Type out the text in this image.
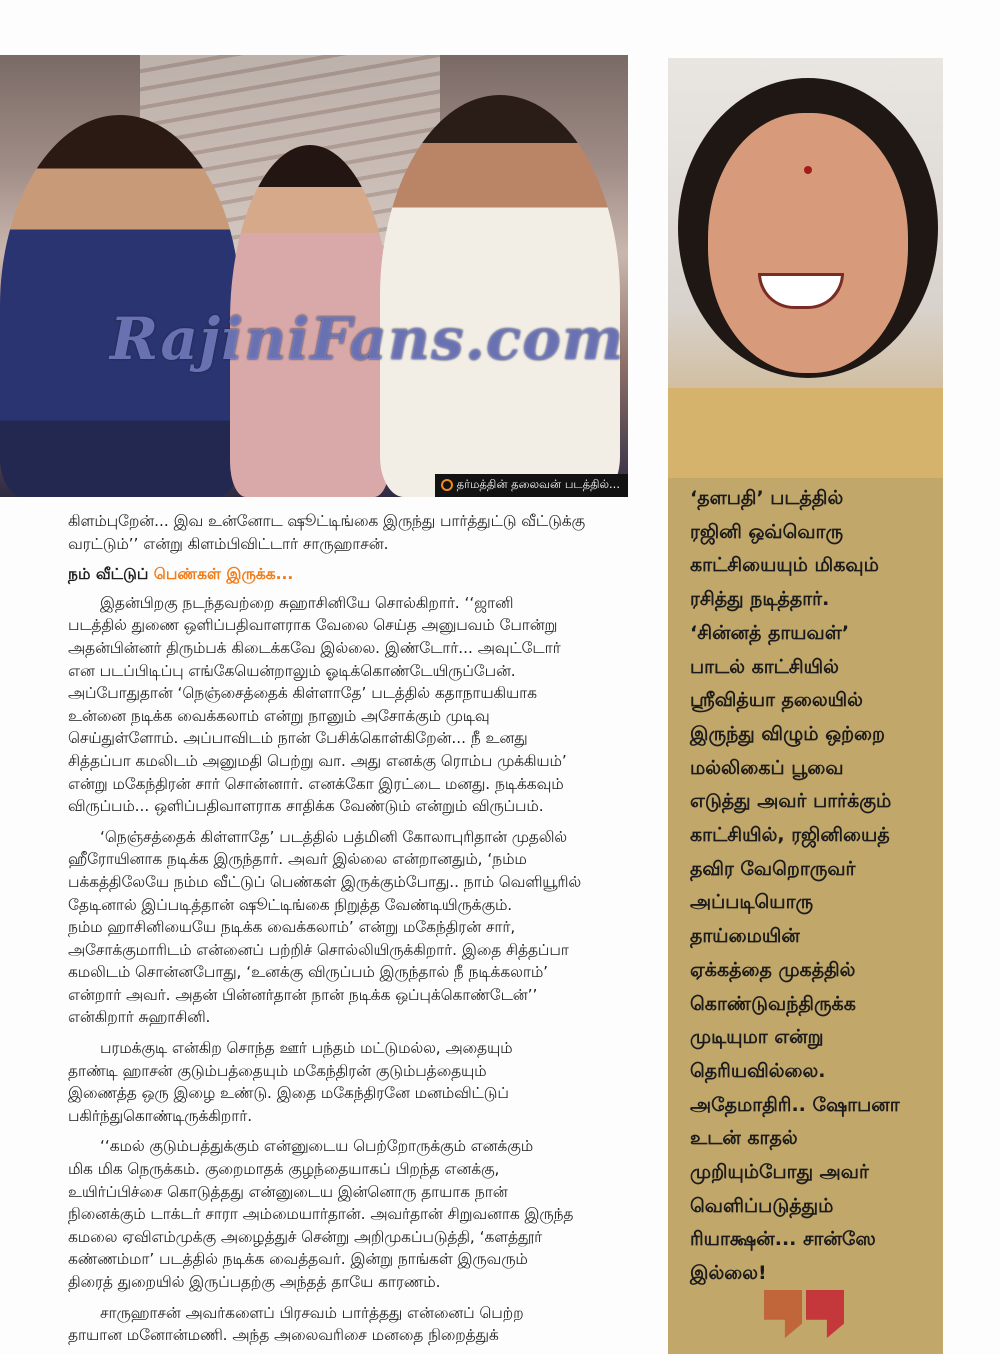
RajiniFans.com
தர்மத்தின் தலைவன் படத்தில்...

கிளம்புறேன்... இவ உன்னோட ஷூட்டிங்கை இருந்து பார்த்துட்டு வீட்டுக்கு
வரட்டும்’’ என்று கிளம்பிவிட்டார் சாருஹாசன்.

நம் வீட்டுப் பெண்கள் இருக்க...

இதன்பிறகு நடந்தவற்றை சுஹாசினியே சொல்கிறார். ‘‘ஜானி
படத்தில் துணை ஒளிப்பதிவாளராக வேலை செய்த அனுபவம் போன்று
அதன்பின்னர் திரும்பக் கிடைக்கவே இல்லை. இண்டோர்... அவுட்டோர்
என படப்பிடிப்பு எங்கேயென்றாலும் ஓடிக்கொண்டேயிருப்பேன்.
அப்போதுதான் ‘நெஞ்சைத்தைக் கிள்ளாதே’ படத்தில் கதாநாயகியாக
உன்னை நடிக்க வைக்கலாம் என்று நானும் அசோக்கும் முடிவு
செய்துள்ளோம். அப்பாவிடம் நான் பேசிக்கொள்கிறேன்... நீ உனது
சித்தப்பா கமலிடம் அனுமதி பெற்று வா. அது எனக்கு ரொம்ப முக்கியம்’
என்று மகேந்திரன் சார் சொன்னார். எனக்கோ இரட்டை மனது. நடிக்கவும்
விருப்பம்... ஒளிப்பதிவாளராக சாதிக்க வேண்டும் என்றும் விருப்பம்.

‘நெஞ்சத்தைக் கிள்ளாதே’ படத்தில் பத்மினி கோலாபுரிதான் முதலில்
ஹீரோயினாக நடிக்க இருந்தார். அவர் இல்லை என்றானதும், ‘நம்ம
பக்கத்திலேயே நம்ம வீட்டுப் பெண்கள் இருக்கும்போது.. நாம் வெளியூரில்
தேடினால் இப்படித்தான் ஷூட்டிங்கை நிறுத்த வேண்டியிருக்கும்.
நம்ம ஹாசினியையே நடிக்க வைக்கலாம்’ என்று மகேந்திரன் சார்,
அசோக்குமாரிடம் என்னைப் பற்றிச் சொல்லியிருக்கிறார். இதை சித்தப்பா
கமலிடம் சொன்னபோது, ‘உனக்கு விருப்பம் இருந்தால் நீ நடிக்கலாம்’
என்றார் அவர். அதன் பின்னர்தான் நான் நடிக்க ஒப்புக்கொண்டேன்’’
என்கிறார் சுஹாசினி.

பரமக்குடி என்கிற சொந்த ஊர் பந்தம் மட்டுமல்ல, அதையும்
தாண்டி ஹாசன் குடும்பத்தையும் மகேந்திரன் குடும்பத்தையும்
இணைத்த ஒரு இழை உண்டு. இதை மகேந்திரனே மனம்விட்டுப்
பகிர்ந்துகொண்டிருக்கிறார்.

‘‘கமல் குடும்பத்துக்கும் என்னுடைய பெற்றோருக்கும் எனக்கும்
மிக மிக நெருக்கம். குறைமாதக் குழந்தையாகப் பிறந்த எனக்கு,
உயிர்ப்பிச்சை கொடுத்தது என்னுடைய இன்னொரு தாயாக நான்
நினைக்கும் டாக்டர் சாரா அம்மையார்தான். அவர்தான் சிறுவனாக இருந்த
கமலை ஏவிஎம்முக்கு அழைத்துச் சென்று அறிமுகப்படுத்தி, ‘களத்தூர்
கண்ணம்மா’ படத்தில் நடிக்க வைத்தவர். இன்று நாங்கள் இருவரும்
திரைத் துறையில் இருப்பதற்கு அந்தத் தாயே காரணம்.

சாருஹாசன் அவர்களைப் பிரசவம் பார்த்தது என்னைப் பெற்ற
தாயான மனோன்மணி. அந்த அலைவரிசை மனதை நிறைத்துக்

‘தளபதி’ படத்தில்
ரஜினி ஒவ்வொரு
காட்சியையும் மிகவும்
ரசித்து நடித்தார்.
‘சின்னத் தாயவள்’
பாடல் காட்சியில்
ஸ்ரீவித்யா தலையில்
இருந்து விழும் ஒற்றை
மல்லிகைப் பூவை
எடுத்து அவர் பார்க்கும்
காட்சியில், ரஜினியைத்
தவிர வேறொருவர்
அப்படியொரு
தாய்மையின்
ஏக்கத்தை முகத்தில்
கொண்டுவந்திருக்க
முடியுமா என்று
தெரியவில்லை.
அதேமாதிரி.. ஷோபனா
உடன் காதல்
முறியும்போது அவர்
வெளிப்படுத்தும்
ரியாக்ஷன்... சான்ஸே
இல்லை!
